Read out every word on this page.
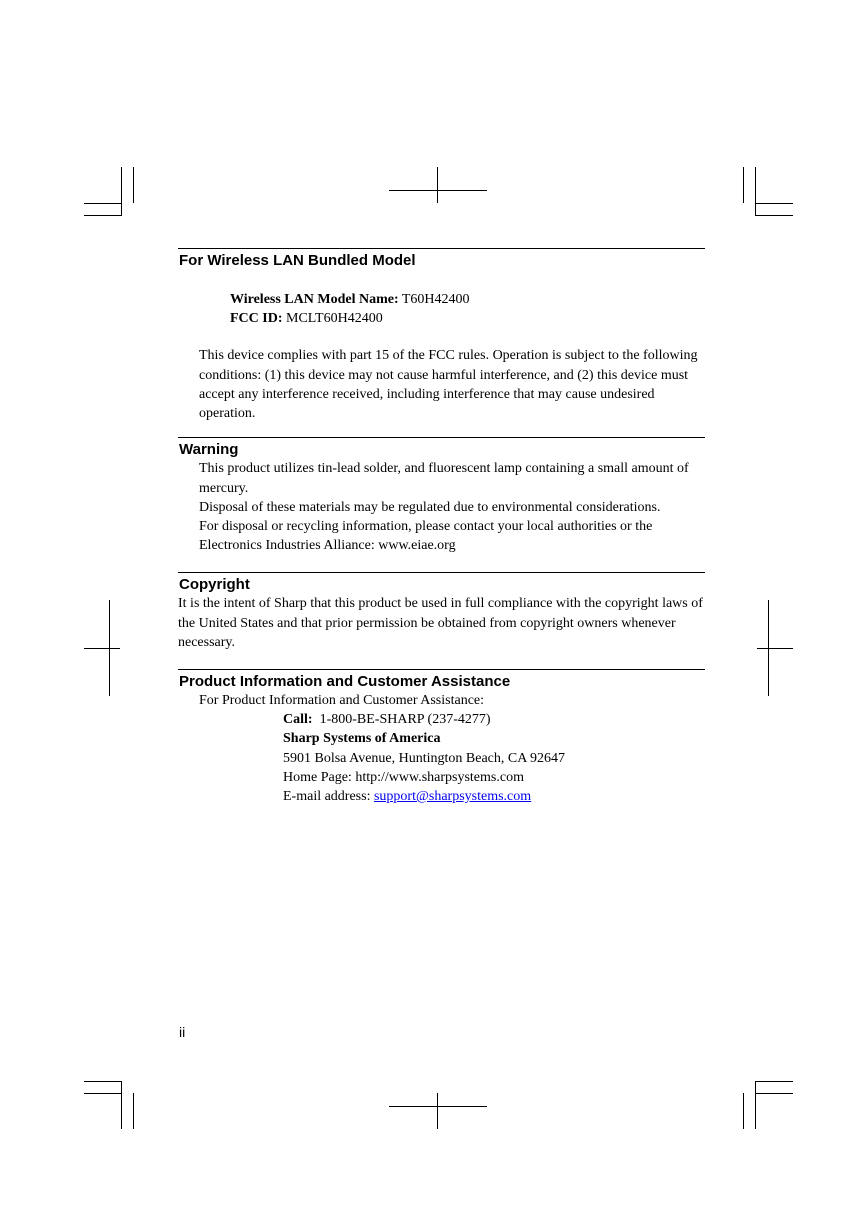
For Wireless LAN Bundled Model
Wireless LAN Model Name: T60H42400
FCC ID: MCLT60H42400

This device complies with part 15 of the FCC rules. Operation is subject to the following conditions: (1) this device may not cause harmful interference, and (2) this device must accept any interference received, including interference that may cause undesired operation.

Warning
This product utilizes tin-lead solder, and fluorescent lamp containing a small amount of mercury.
Disposal of these materials may be regulated due to environmental considerations.
For disposal or recycling information, please contact your local authorities or the Electronics Industries Alliance: www.eiae.org
Copyright

It is the intent of Sharp that this product be used in full compliance with the copyright laws of the United States and that prior permission be obtained from copyright owners whenever necessary.

Product Information and Customer Assistance
For Product Information and Customer Assistance:
Call:  1-800-BE-SHARP (237-4277)
Sharp Systems of America
5901 Bolsa Avenue, Huntington Beach, CA 92647
Home Page: http://www.sharpsystems.com
E-mail address: support@sharpsystems.com
ii
